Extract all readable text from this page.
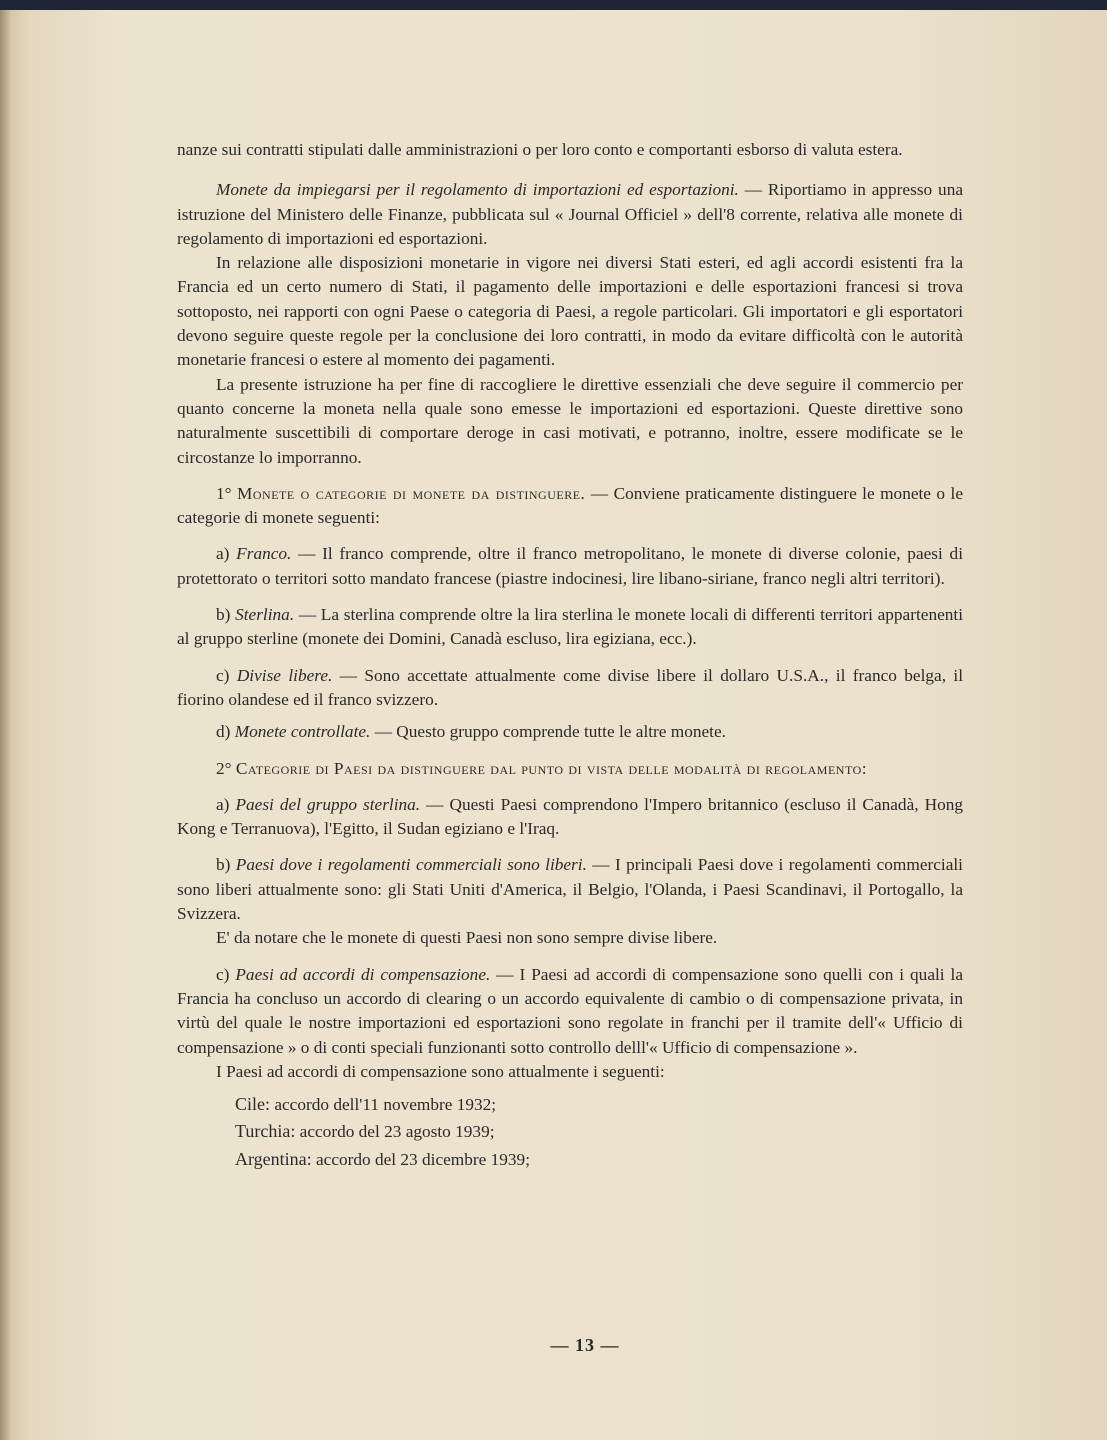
nanze sui contratti stipulati dalle amministrazioni o per loro conto e comportanti esborso di valuta estera.

Monete da impiegarsi per il regolamento di importazioni ed esportazioni. — Riportiamo in appresso una istruzione del Ministero delle Finanze, pubblicata sul « Journal Officiel » dell'8 corrente, relativa alle monete di regolamento di importazioni ed esportazioni.

In relazione alle disposizioni monetarie in vigore nei diversi Stati esteri, ed agli accordi esistenti fra la Francia ed un certo numero di Stati, il pagamento delle importazioni e delle esportazioni francesi si trova sottoposto, nei rapporti con ogni Paese o categoria di Paesi, a regole particolari. Gli importatori e gli esportatori devono seguire queste regole per la conclusione dei loro contratti, in modo da evitare difficoltà con le autorità monetarie francesi o estere al momento dei pagamenti.

La presente istruzione ha per fine di raccogliere le direttive essenziali che deve seguire il commercio per quanto concerne la moneta nella quale sono emesse le importazioni ed esportazioni. Queste direttive sono naturalmente suscettibili di comportare deroge in casi motivati, e potranno, inoltre, essere modificate se le circostanze lo imporranno.

1° Monete o categorie di monete da distinguere. — Conviene praticamente distinguere le monete o le categorie di monete seguenti:

a) Franco. — Il franco comprende, oltre il franco metropolitano, le monete di diverse colonie, paesi di protettorato o territori sotto mandato francese (piastre indocinesi, lire libano-siriane, franco negli altri territori).

b) Sterlina. — La sterlina comprende oltre la lira sterlina le monete locali di differenti territori appartenenti al gruppo sterline (monete dei Domini, Canadà escluso, lira egiziana, ecc.).

c) Divise libere. — Sono accettate attualmente come divise libere il dollaro U.S.A., il franco belga, il fiorino olandese ed il franco svizzero.

d) Monete controllate. — Questo gruppo comprende tutte le altre monete.

2° Categorie di Paesi da distinguere dal punto di vista delle modalità di regolamento:

a) Paesi del gruppo sterlina. — Questi Paesi comprendono l'Impero britannico (escluso il Canadà, Hong Kong e Terranuova), l'Egitto, il Sudan egiziano e l'Iraq.

b) Paesi dove i regolamenti commerciali sono liberi. — I principali Paesi dove i regolamenti commerciali sono liberi attualmente sono: gli Stati Uniti d'America, il Belgio, l'Olanda, i Paesi Scandinavi, il Portogallo, la Svizzera.

E' da notare che le monete di questi Paesi non sono sempre divise libere.

c) Paesi ad accordi di compensazione. — I Paesi ad accordi di compensazione sono quelli con i quali la Francia ha concluso un accordo di clearing o un accordo equivalente di cambio o di compensazione privata, in virtù del quale le nostre importazioni ed esportazioni sono regolate in franchi per il tramite dell'« Ufficio di compensazione » o di conti speciali funzionanti sotto controllo delll'« Ufficio di compensazione ».

I Paesi ad accordi di compensazione sono attualmente i seguenti:

Cile: accordo dell'11 novembre 1932;

Turchia: accordo del 23 agosto 1939;

Argentina: accordo del 23 dicembre 1939;

— 13 —
